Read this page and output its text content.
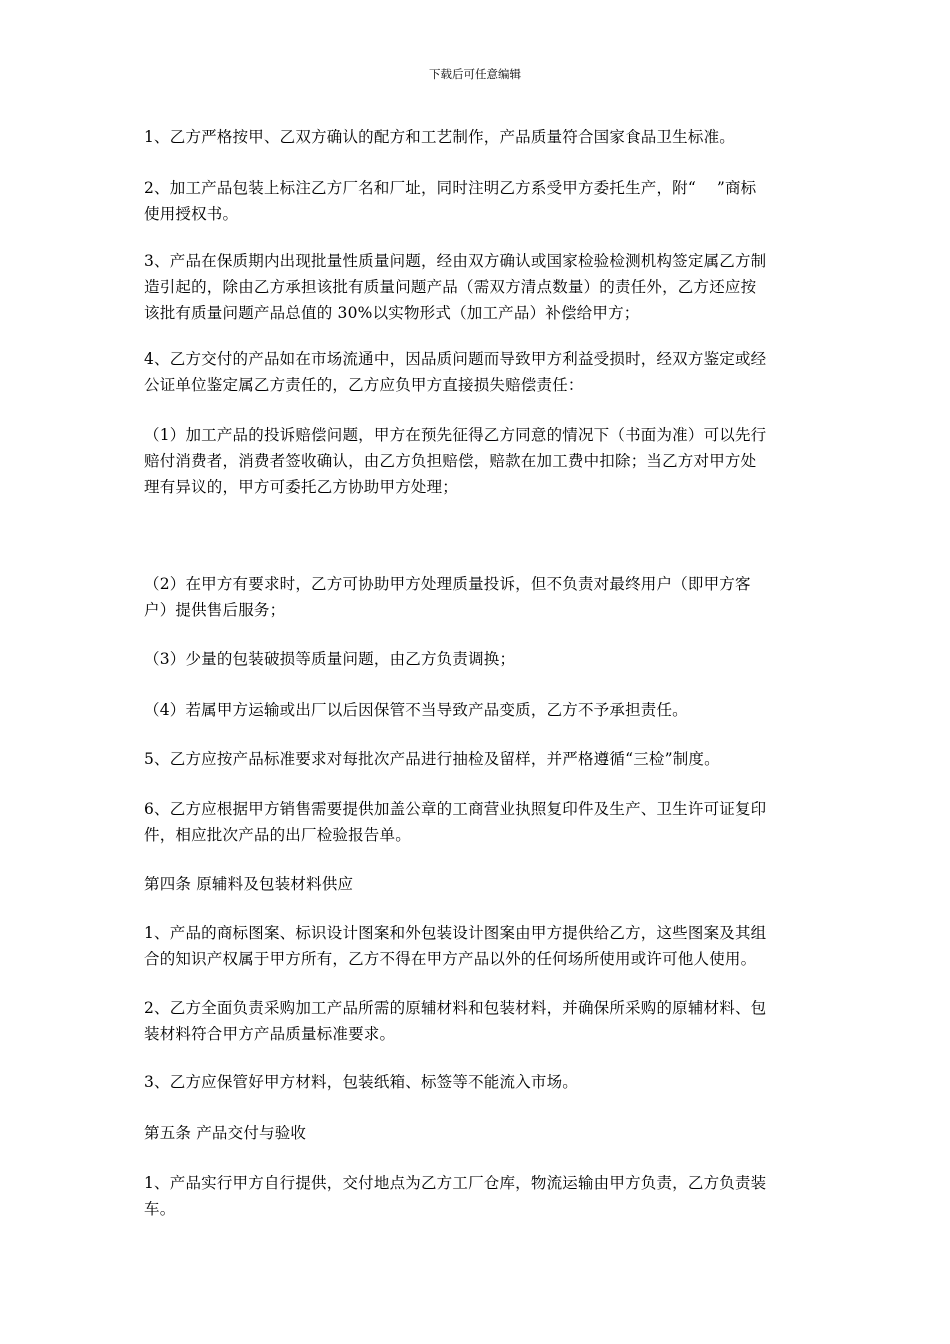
下载后可任意编辑
1、乙方严格按甲、乙双方确认的配方和工艺制作，产品质量符合国家食品卫生标准。
2、加工产品包装上标注乙方厂名和厂址，同时注明乙方系受甲方委托生产，附“　 ”商标
使用授权书。
3、产品在保质期内出现批量性质量问题，经由双方确认或国家检验检测机构签定属乙方制
造引起的，除由乙方承担该批有质量问题产品（需双方清点数量）的责任外，乙方还应按
该批有质量问题产品总值的 30%以实物形式（加工产品）补偿给甲方；
4、乙方交付的产品如在市场流通中，因品质问题而导致甲方利益受损时，经双方鉴定或经
公证单位鉴定属乙方责任的，乙方应负甲方直接损失赔偿责任：
（1）加工产品的投诉赔偿问题，甲方在预先征得乙方同意的情况下（书面为准）可以先行
赔付消费者，消费者签收确认，由乙方负担赔偿，赔款在加工费中扣除；当乙方对甲方处
理有异议的，甲方可委托乙方协助甲方处理；
（2）在甲方有要求时，乙方可协助甲方处理质量投诉，但不负责对最终用户（即甲方客
户）提供售后服务；
（3）少量的包装破损等质量问题，由乙方负责调换；
（4）若属甲方运输或出厂以后因保管不当导致产品变质，乙方不予承担责任。
5、乙方应按产品标准要求对每批次产品进行抽检及留样，并严格遵循“三检”制度。
6、乙方应根据甲方销售需要提供加盖公章的工商营业执照复印件及生产、卫生许可证复印
件，相应批次产品的出厂检验报告单。
第四条 原辅料及包装材料供应
1、产品的商标图案、标识设计图案和外包装设计图案由甲方提供给乙方，这些图案及其组
合的知识产权属于甲方所有，乙方不得在甲方产品以外的任何场所使用或许可他人使用。
2、乙方全面负责采购加工产品所需的原辅材料和包装材料，并确保所采购的原辅材料、包
装材料符合甲方产品质量标准要求。
3、乙方应保管好甲方材料，包装纸箱、标签等不能流入市场。
第五条 产品交付与验收
1、产品实行甲方自行提供，交付地点为乙方工厂仓库，物流运输由甲方负责，乙方负责装
车。
